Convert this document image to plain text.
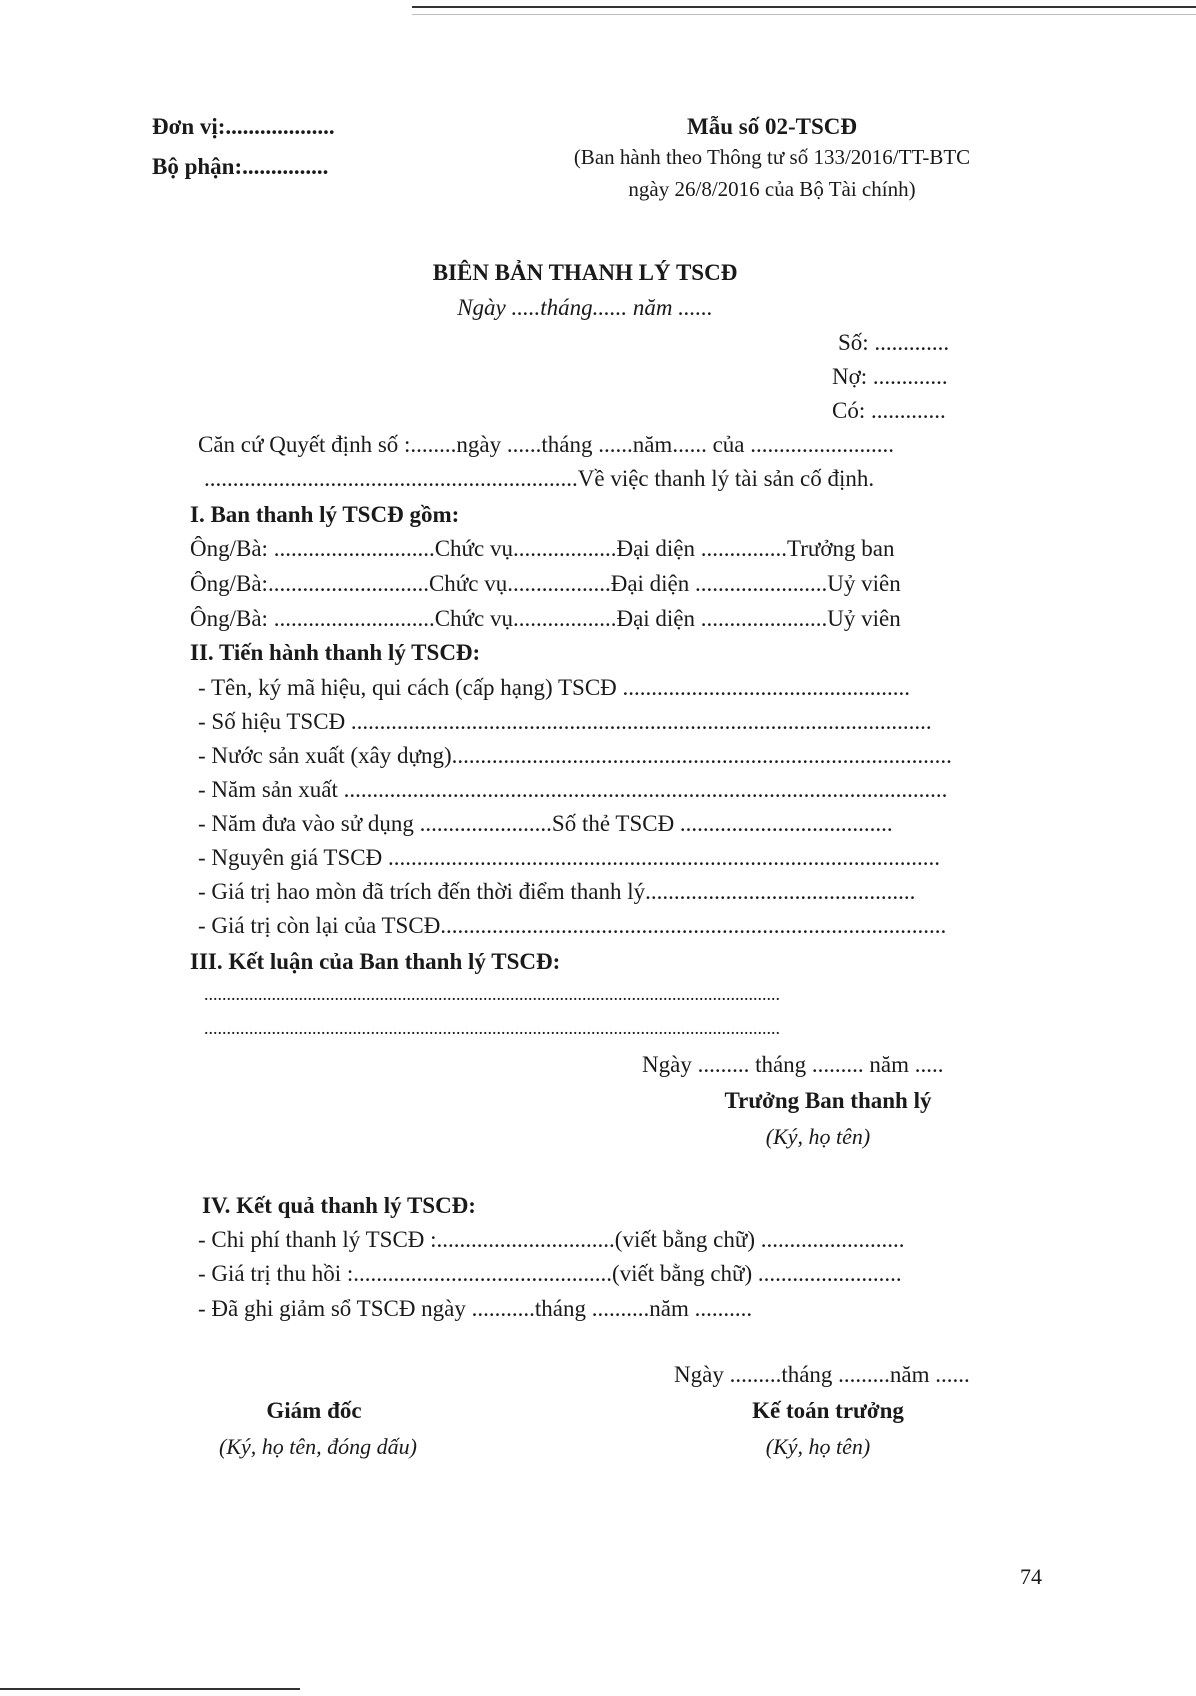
Đơn vị:...................
Bộ phận:...............
Mẫu số 02-TSCĐ
(Ban hành theo Thông tư số 133/2016/TT-BTC
ngày 26/8/2016 của Bộ Tài chính)
BIÊN BẢN THANH LÝ TSCĐ
Ngày .....tháng...... năm ......
Số: .............
Nợ: .............
Có: .............
Căn cứ Quyết định số :........ngày ......tháng ......năm...... của .........................
.................................................................Về việc thanh lý tài sản cố định.
I. Ban thanh lý TSCĐ gồm:
Ông/Bà: ............................Chức vụ..................Đại diện ...............Trưởng ban
Ông/Bà:............................Chức vụ..................Đại diện .......................Uỷ viên
Ông/Bà: ............................Chức vụ..................Đại diện ......................Uỷ viên
II. Tiến hành thanh lý TSCĐ:
- Tên, ký mã hiệu, qui cách (cấp hạng) TSCĐ ..................................................
- Số hiệu TSCĐ .....................................................................................................
- Nước sản xuất (xây dựng).......................................................................................
- Năm sản xuất .........................................................................................................
- Năm đưa vào sử dụng .......................Số thẻ TSCĐ .....................................
- Nguyên giá TSCĐ ................................................................................................
- Giá trị hao mòn đã trích đến thời điểm thanh lý...............................................
- Giá trị còn lại của TSCĐ........................................................................................
III. Kết luận của Ban thanh lý TSCĐ:
................................................................................................................................
................................................................................................................................
Ngày ......... tháng ......... năm .....
Trưởng Ban thanh lý
(Ký, họ tên)
IV. Kết quả thanh lý TSCĐ:
- Chi phí thanh lý TSCĐ :...............................(viết bằng chữ) .........................
- Giá trị thu hồi :.............................................(viết bằng chữ) .........................
- Đã ghi giảm sổ TSCĐ ngày ...........tháng ..........năm ..........
Ngày .........tháng .........năm ......
Giám đốc
(Ký, họ tên, đóng dấu)
Kế toán trưởng
(Ký, họ tên)
74
